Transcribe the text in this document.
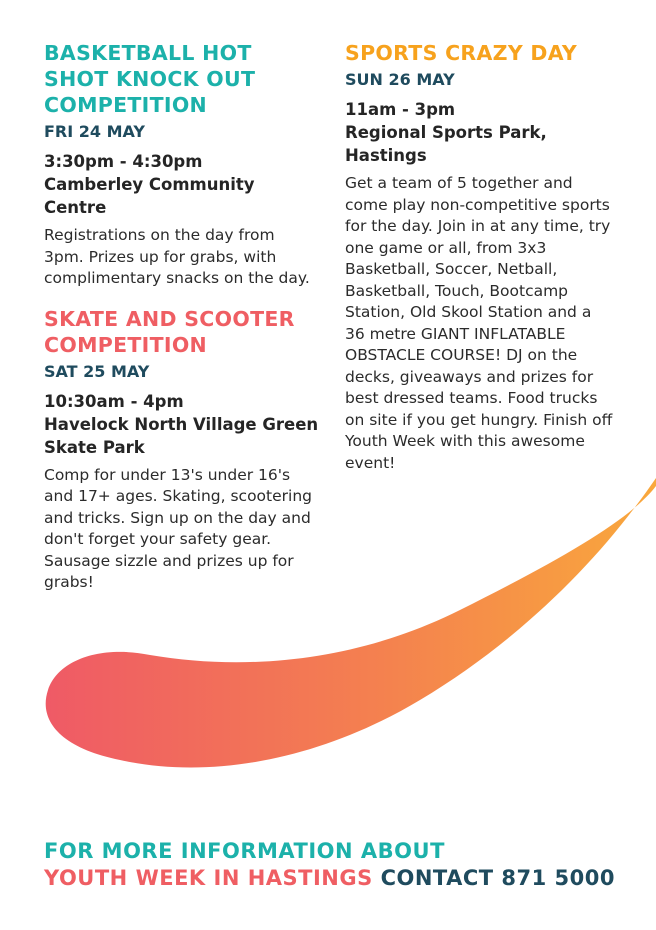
BASKETBALL HOT SHOT KNOCK OUT COMPETITION
FRI 24 MAY
3:30pm - 4:30pm
Camberley Community Centre
Registrations on the day from 3pm. Prizes up for grabs, with complimentary snacks on the day.
SKATE AND SCOOTER COMPETITION
SAT 25 MAY
10:30am - 4pm
Havelock North Village Green Skate Park
Comp for under 13's under 16's and 17+ ages. Skating, scootering and tricks. Sign up on the day and don't forget your safety gear. Sausage sizzle and prizes up for grabs!
SPORTS CRAZY DAY
SUN 26 MAY
11am - 3pm
Regional Sports Park, Hastings
Get a team of 5 together and come play non-competitive sports for the day. Join in at any time, try one game or all, from 3x3 Basketball, Soccer, Netball, Basketball, Touch, Bootcamp Station, Old Skool Station and a 36 metre GIANT INFLATABLE OBSTACLE COURSE! DJ on the decks, giveaways and prizes for best dressed teams. Food trucks on site if you get hungry. Finish off Youth Week with this awesome event!
FOR MORE INFORMATION ABOUT
YOUTH WEEK IN HASTINGS CONTACT 871 5000
